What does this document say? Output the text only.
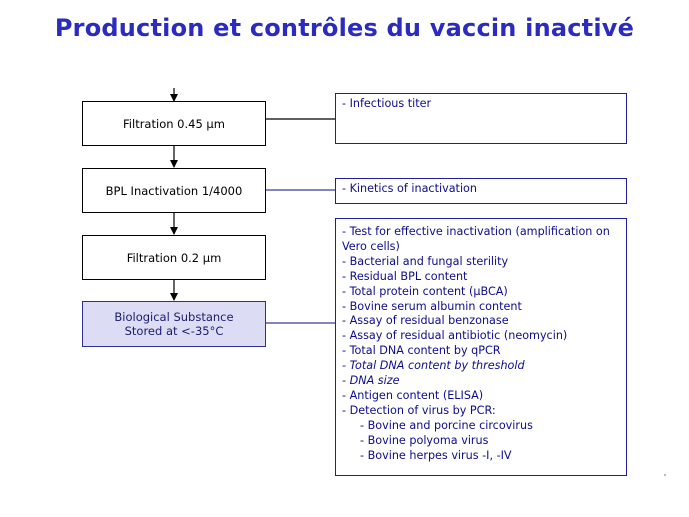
Production et contrôles du vaccin inactivé
Filtration 0.45 µm
BPL Inactivation 1/4000
Filtration 0.2 µm
Biological Substance
Stored at <-35°C
- Infectious titer
- Kinetics of inactivation
- Test for effective inactivation (amplification on Vero cells)
- Bacterial and fungal sterility
- Residual BPL content
- Total protein content (µBCA)
- Bovine serum albumin content
- Assay of residual benzonase
- Assay of residual antibiotic (neomycin)
- Total DNA content by qPCR
- Total DNA content by threshold
- DNA size
- Antigen content (ELISA)
- Detection of virus by PCR:
- Bovine and porcine circovirus
- Bovine polyoma virus
- Bovine herpes virus -I, -IV
